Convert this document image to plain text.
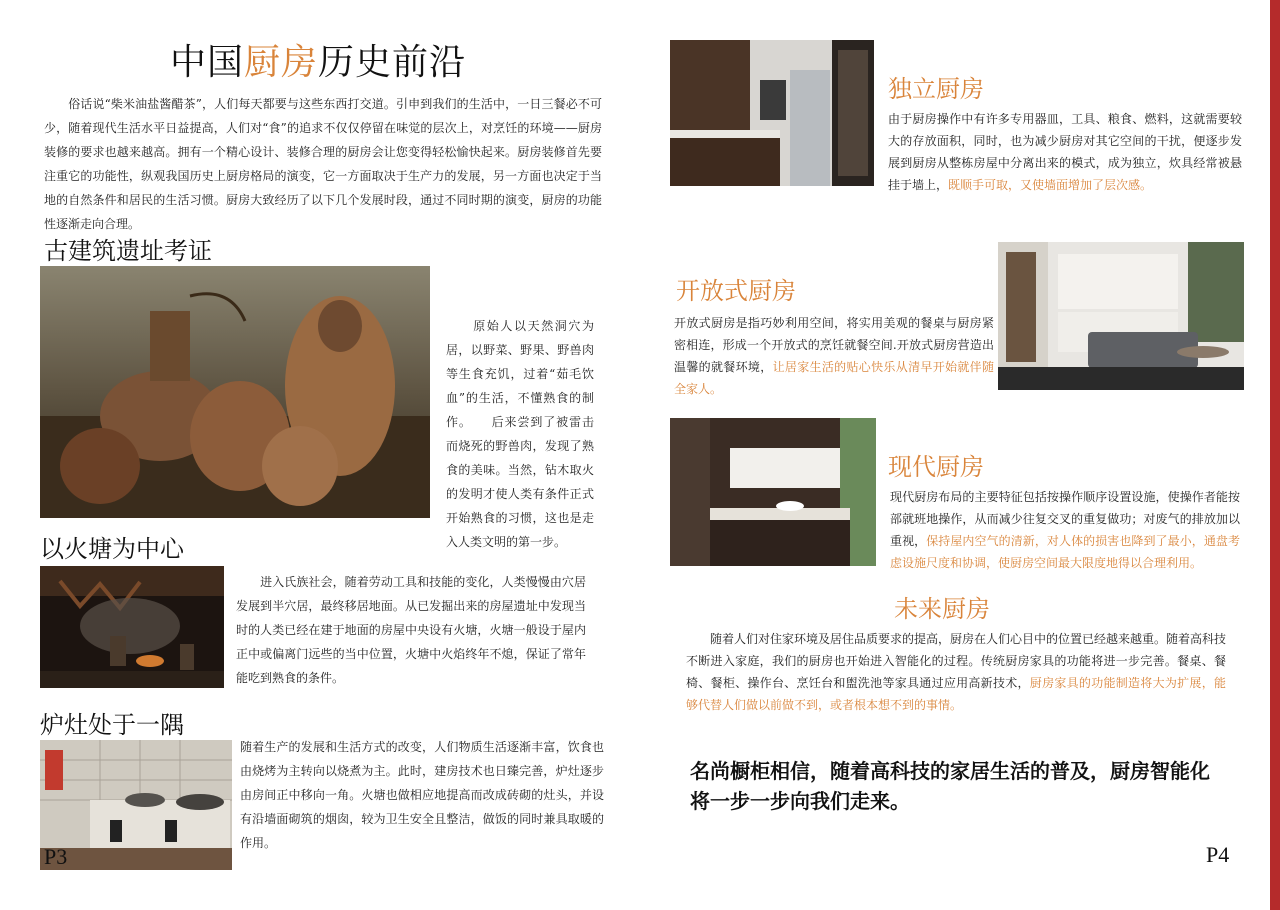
中国厨房历史前沿

　　俗话说“柴米油盐酱醋茶”，人们每天都要与这些东西打交道。引申到我们的生活中，一日三餐必不可少，随着现代生活水平日益提高，人们对“食”的追求不仅仅停留在味觉的层次上，对烹饪的环境——厨房装修的要求也越来越高。拥有一个精心设计、装修合理的厨房会让您变得轻松愉快起来。厨房装修首先要注重它的功能性，纵观我国历史上厨房格局的演变，它一方面取决于生产力的发展，另一方面也决定于当地的自然条件和居民的生活习惯。厨房大致经历了以下几个发展时段，通过不同时期的演变，厨房的功能性逐渐走向合理。

古建筑遗址考证

　　原始人以天然洞穴为居，以野菜、野果、野兽肉等生食充饥，过着“茹毛饮血”的生活，不懂熟食的制作。　　后来尝到了被雷击而烧死的野兽肉，发现了熟食的美味。当然，钻木取火的发明才使人类有条件正式开始熟食的习惯，这也是走入人类文明的第一步。

以火塘为中心

　　进入氏族社会，随着劳动工具和技能的变化，人类慢慢由穴居发展到半穴居，最终移居地面。从已发掘出来的房屋遗址中发现当时的人类已经在建于地面的房屋中央设有火塘，火塘一般设于屋内正中或偏离门远些的当中位置，火塘中火焰终年不熄，保证了常年能吃到熟食的条件。

炉灶处于一隅
P3

随着生产的发展和生活方式的改变，人们物质生活逐渐丰富，饮食也由烧烤为主转向以烧煮为主。此时，建房技术也日臻完善，炉灶逐步由房间正中移向一角。火塘也做相应地提高而改成砖砌的灶头，并设有沿墙面砌筑的烟囱，较为卫生安全且整洁，做饭的同时兼具取暖的作用。

独立厨房

由于厨房操作中有许多专用器皿，工具、粮食、燃料，这就需要较大的存放面积，同时，也为减少厨房对其它空间的干扰，便逐步发展到厨房从整栋房屋中分离出来的模式，成为独立，炊具经常被悬挂于墙上，既顺手可取，又使墙面增加了层次感。

开放式厨房

开放式厨房是指巧妙利用空间，将实用美观的餐桌与厨房紧密相连，形成一个开放式的烹饪就餐空间.开放式厨房营造出温馨的就餐环境，让居家生活的贴心快乐从清早开始就伴随全家人。

现代厨房

现代厨房布局的主要特征包括按操作顺序设置设施，使操作者能按部就班地操作，从而减少往复交叉的重复做功；对废气的排放加以重视，保持屋内空气的清新，对人体的损害也降到了最小，通盘考虑设施尺度和协调，使厨房空间最大限度地得以合理利用。

未来厨房

　　随着人们对住家环境及居住品质要求的提高，厨房在人们心目中的位置已经越来越重。随着高科技不断进入家庭，我们的厨房也开始进入智能化的过程。传统厨房家具的功能将进一步完善。餐桌、餐椅、餐柜、操作台、烹饪台和盥洗池等家具通过应用高新技术，厨房家具的功能制造将大为扩展，能够代替人们做以前做不到，或者根本想不到的事情。

名尚橱柜相信，随着高科技的家居生活的普及，厨房智能化将一步一步向我们走来。
P4
